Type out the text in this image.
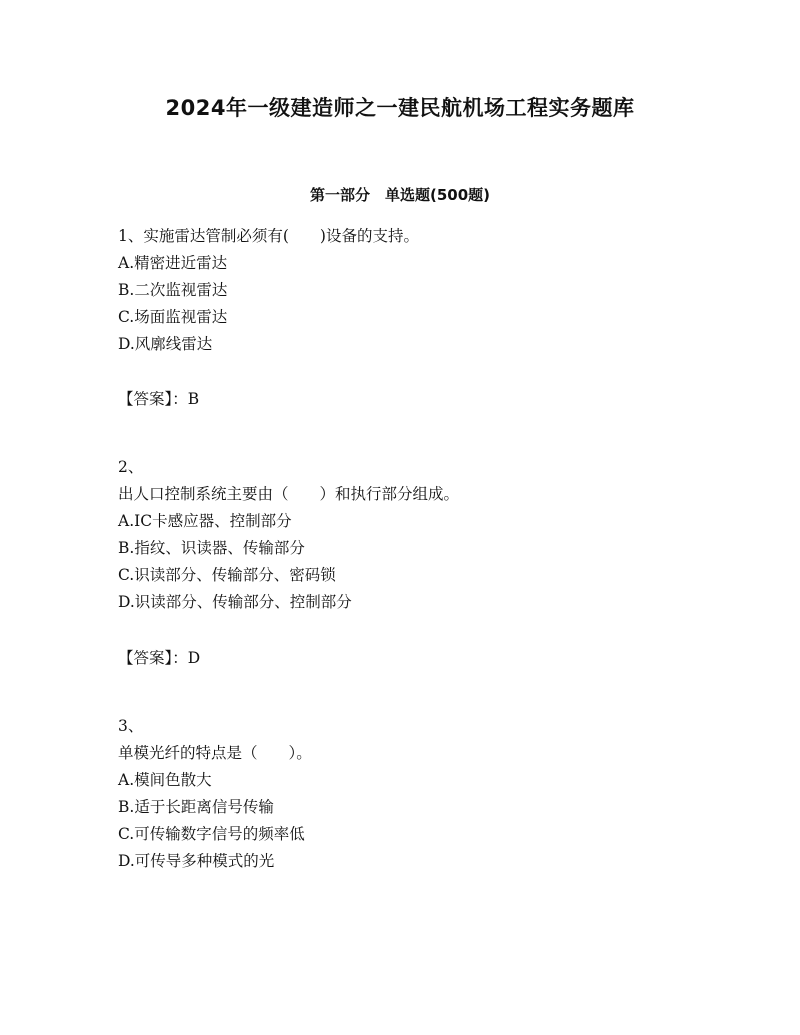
2024年一级建造师之一建民航机场工程实务题库
第一部分　单选题(500题)
1、实施雷达管制必须有(　　)设备的支持。
A.精密进近雷达
B.二次监视雷达
C.场面监视雷达
D.风廓线雷达
【答案】：B
2、
出人口控制系统主要由（　　）和执行部分组成。
A.IC卡感应器、控制部分
B.指纹、识读器、传输部分
C.识读部分、传输部分、密码锁
D.识读部分、传输部分、控制部分
【答案】：D
3、
单模光纤的特点是（　　）。
A.模间色散大
B.适于长距离信号传输
C.可传输数字信号的频率低
D.可传导多种模式的光
